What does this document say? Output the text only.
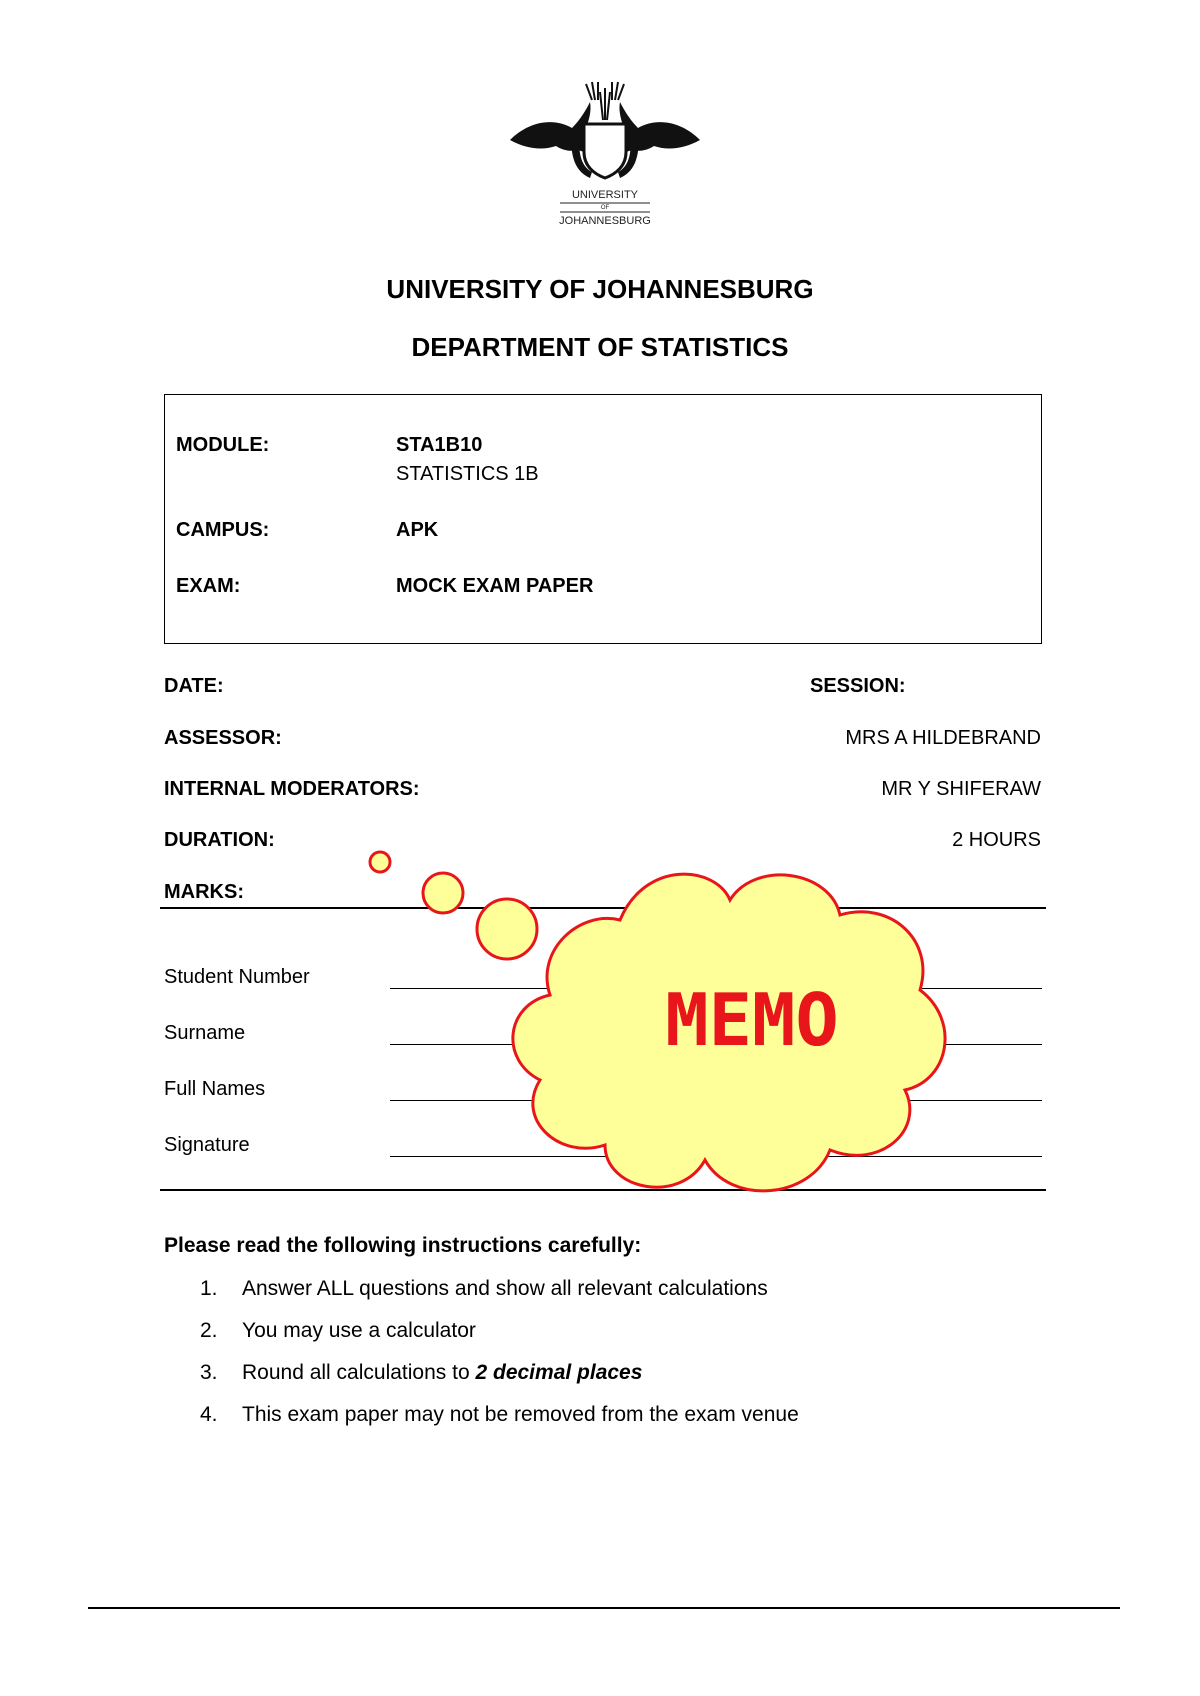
UNIVERSITY
OF
JOHANNESBURG
UNIVERSITY OF JOHANNESBURG
DEPARTMENT OF STATISTICS
MODULE:	STA1B10
STATISTICS 1B
CAMPUS:	APK
EXAM:	MOCK EXAM PAPER
DATE:	SESSION:
ASSESSOR:	MRS A HILDEBRAND
INTERNAL MODERATORS:	MR Y SHIFERAW
DURATION:	2 HOURS
MARKS:
Student Number
Surname
Full Names
Signature
MEMO
Please read the following instructions carefully:
1. Answer ALL questions and show all relevant calculations
2. You may use a calculator
3. Round all calculations to 2 decimal places
4. This exam paper may not be removed from the exam venue
